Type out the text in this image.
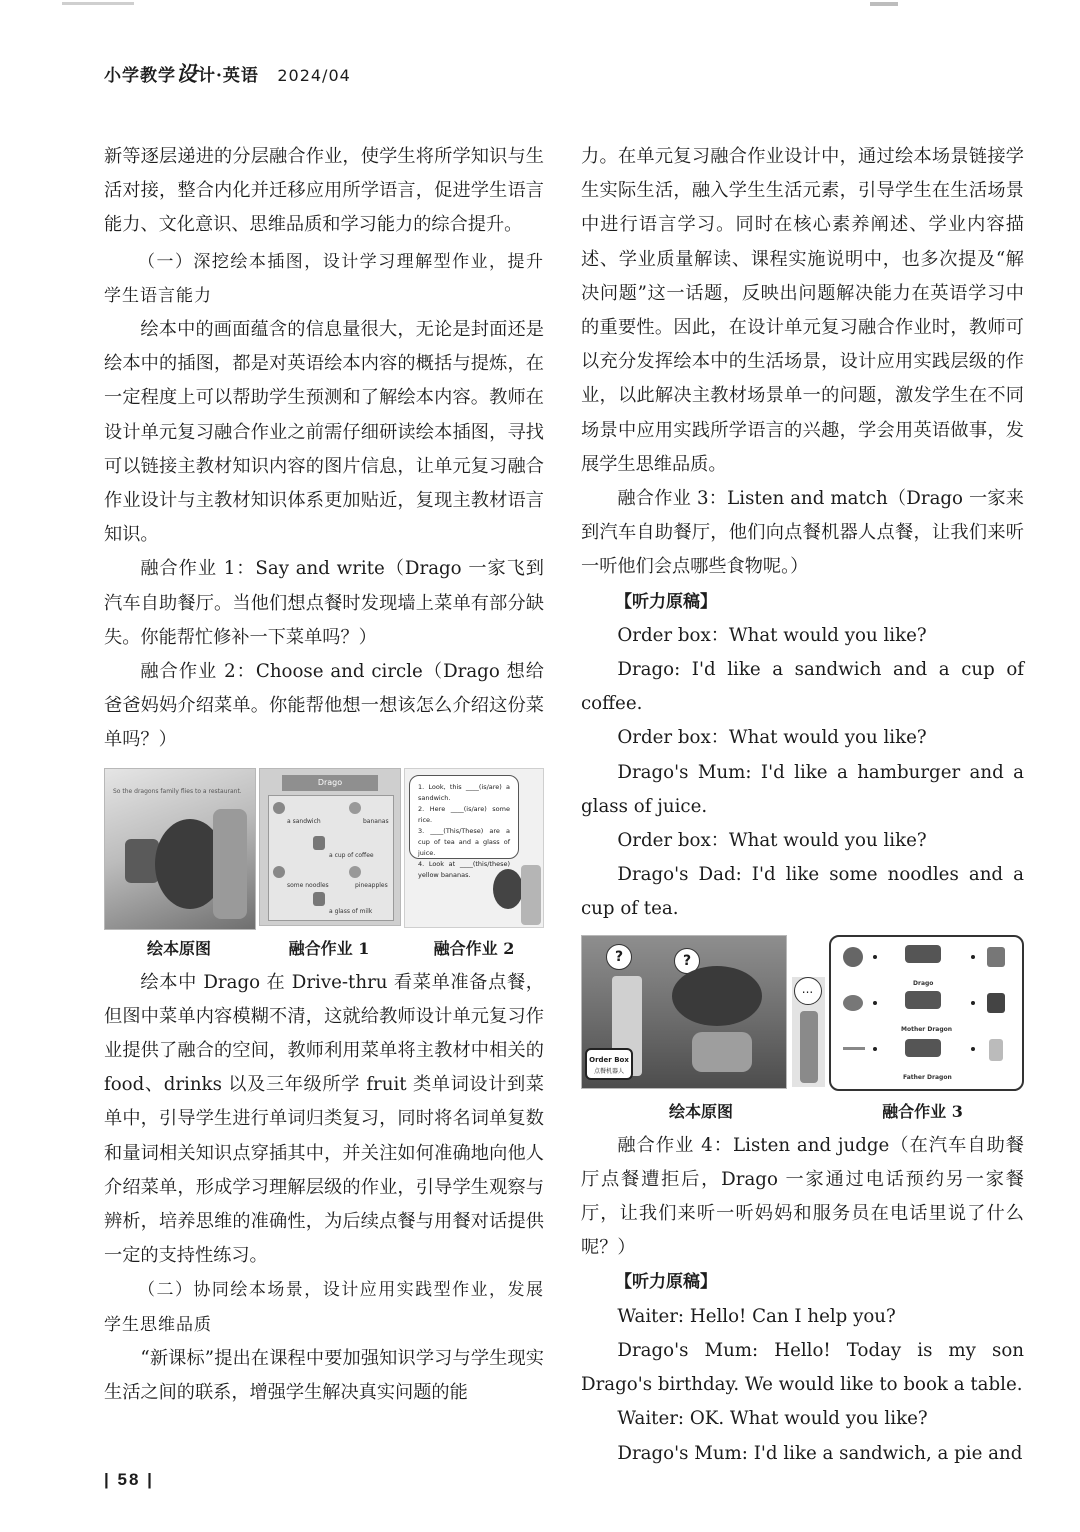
小学教学设计·英语 2024/04

新等逐层递进的分层融合作业，使学生将所学知识与生活对接，整合内化并迁移应用所学语言，促进学生语言能力、文化意识、思维品质和学习能力的综合提升。

（一）深挖绘本插图，设计学习理解型作业，提升学生语言能力

绘本中的画面蕴含的信息量很大，无论是封面还是绘本中的插图，都是对英语绘本内容的概括与提炼，在一定程度上可以帮助学生预测和了解绘本内容。教师在设计单元复习融合作业之前需仔细研读绘本插图，寻找可以链接主教材知识内容的图片信息，让单元复习融合作业设计与主教材知识体系更加贴近，复现主教材语言知识。

融合作业 1：Say and write（Drago 一家飞到汽车自助餐厅。当他们想点餐时发现墙上菜单有部分缺失。你能帮忙修补一下菜单吗？）

融合作业 2：Choose and circle（Drago 想给爸爸妈妈介绍菜单。你能帮他想一想该怎么介绍这份菜单吗？）

So the dragons family flies to a restaurant.
Drago
a sandwich
a cup of coffee
bananas
some noodles	pineapples
a glass of milk
1. Look, this ____(is/are) a sandwich.
2. Here ____(is/are) some rice.
3. ____(This/These) are a cup of tea and a glass of juice.
4. Look at ____(this/these) yellow bananas.
绘本原图	融合作业 1	融合作业 2

绘本中 Drago 在 Drive-thru 看菜单准备点餐，但图中菜单内容模糊不清，这就给教师设计单元复习作业提供了融合的空间，教师利用菜单将主教材中相关的 food、drinks 以及三年级所学 fruit 类单词设计到菜单中，引导学生进行单词归类复习，同时将名词单复数和量词相关知识点穿插其中，并关注如何准确地向他人介绍菜单，形成学习理解层级的作业，引导学生观察与辨析，培养思维的准确性，为后续点餐与用餐对话提供一定的支持性练习。

（二）协同绘本场景，设计应用实践型作业，发展学生思维品质

“新课标”提出在课程中要加强知识学习与学生现实生活之间的联系，增强学生解决真实问题的能

力。在单元复习融合作业设计中，通过绘本场景链接学生实际生活，融入学生生活元素，引导学生在生活场景中进行语言学习。同时在核心素养阐述、学业内容描述、学业质量解读、课程实施说明中，也多次提及“解决问题”这一话题，反映出问题解决能力在英语学习中的重要性。因此，在设计单元复习融合作业时，教师可以充分发挥绘本中的生活场景，设计应用实践层级的作业，以此解决主教材场景单一的问题，激发学生在不同场景中应用实践所学语言的兴趣，学会用英语做事，发展学生思维品质。

融合作业 3：Listen and match（Drago 一家来到汽车自助餐厅，他们向点餐机器人点餐，让我们来听一听他们会点哪些食物呢。）

【听力原稿】

Order box：What would you like?

Drago: I'd like a sandwich and a cup of coffee.

Order box：What would you like?

Drago's Mum: I'd like a hamburger and a glass of juice.

Order box：What would you like?

Drago's Dad: I'd like some noodles and a cup of tea.

?	?
Order Box
点餐机器人
...	Drago
Mother Dragon
Father Dragon
绘本原图	融合作业 3

融合作业 4：Listen and judge（在汽车自助餐厅点餐遭拒后，Drago 一家通过电话预约另一家餐厅，让我们来听一听妈妈和服务员在电话里说了什么呢？）

【听力原稿】

Waiter: Hello! Can I help you?

Drago's Mum: Hello! Today is my son Drago's birthday. We would like to book a table.

Waiter: OK. What would you like?

Drago's Mum: I'd like a sandwich, a pie and

| 58 |
